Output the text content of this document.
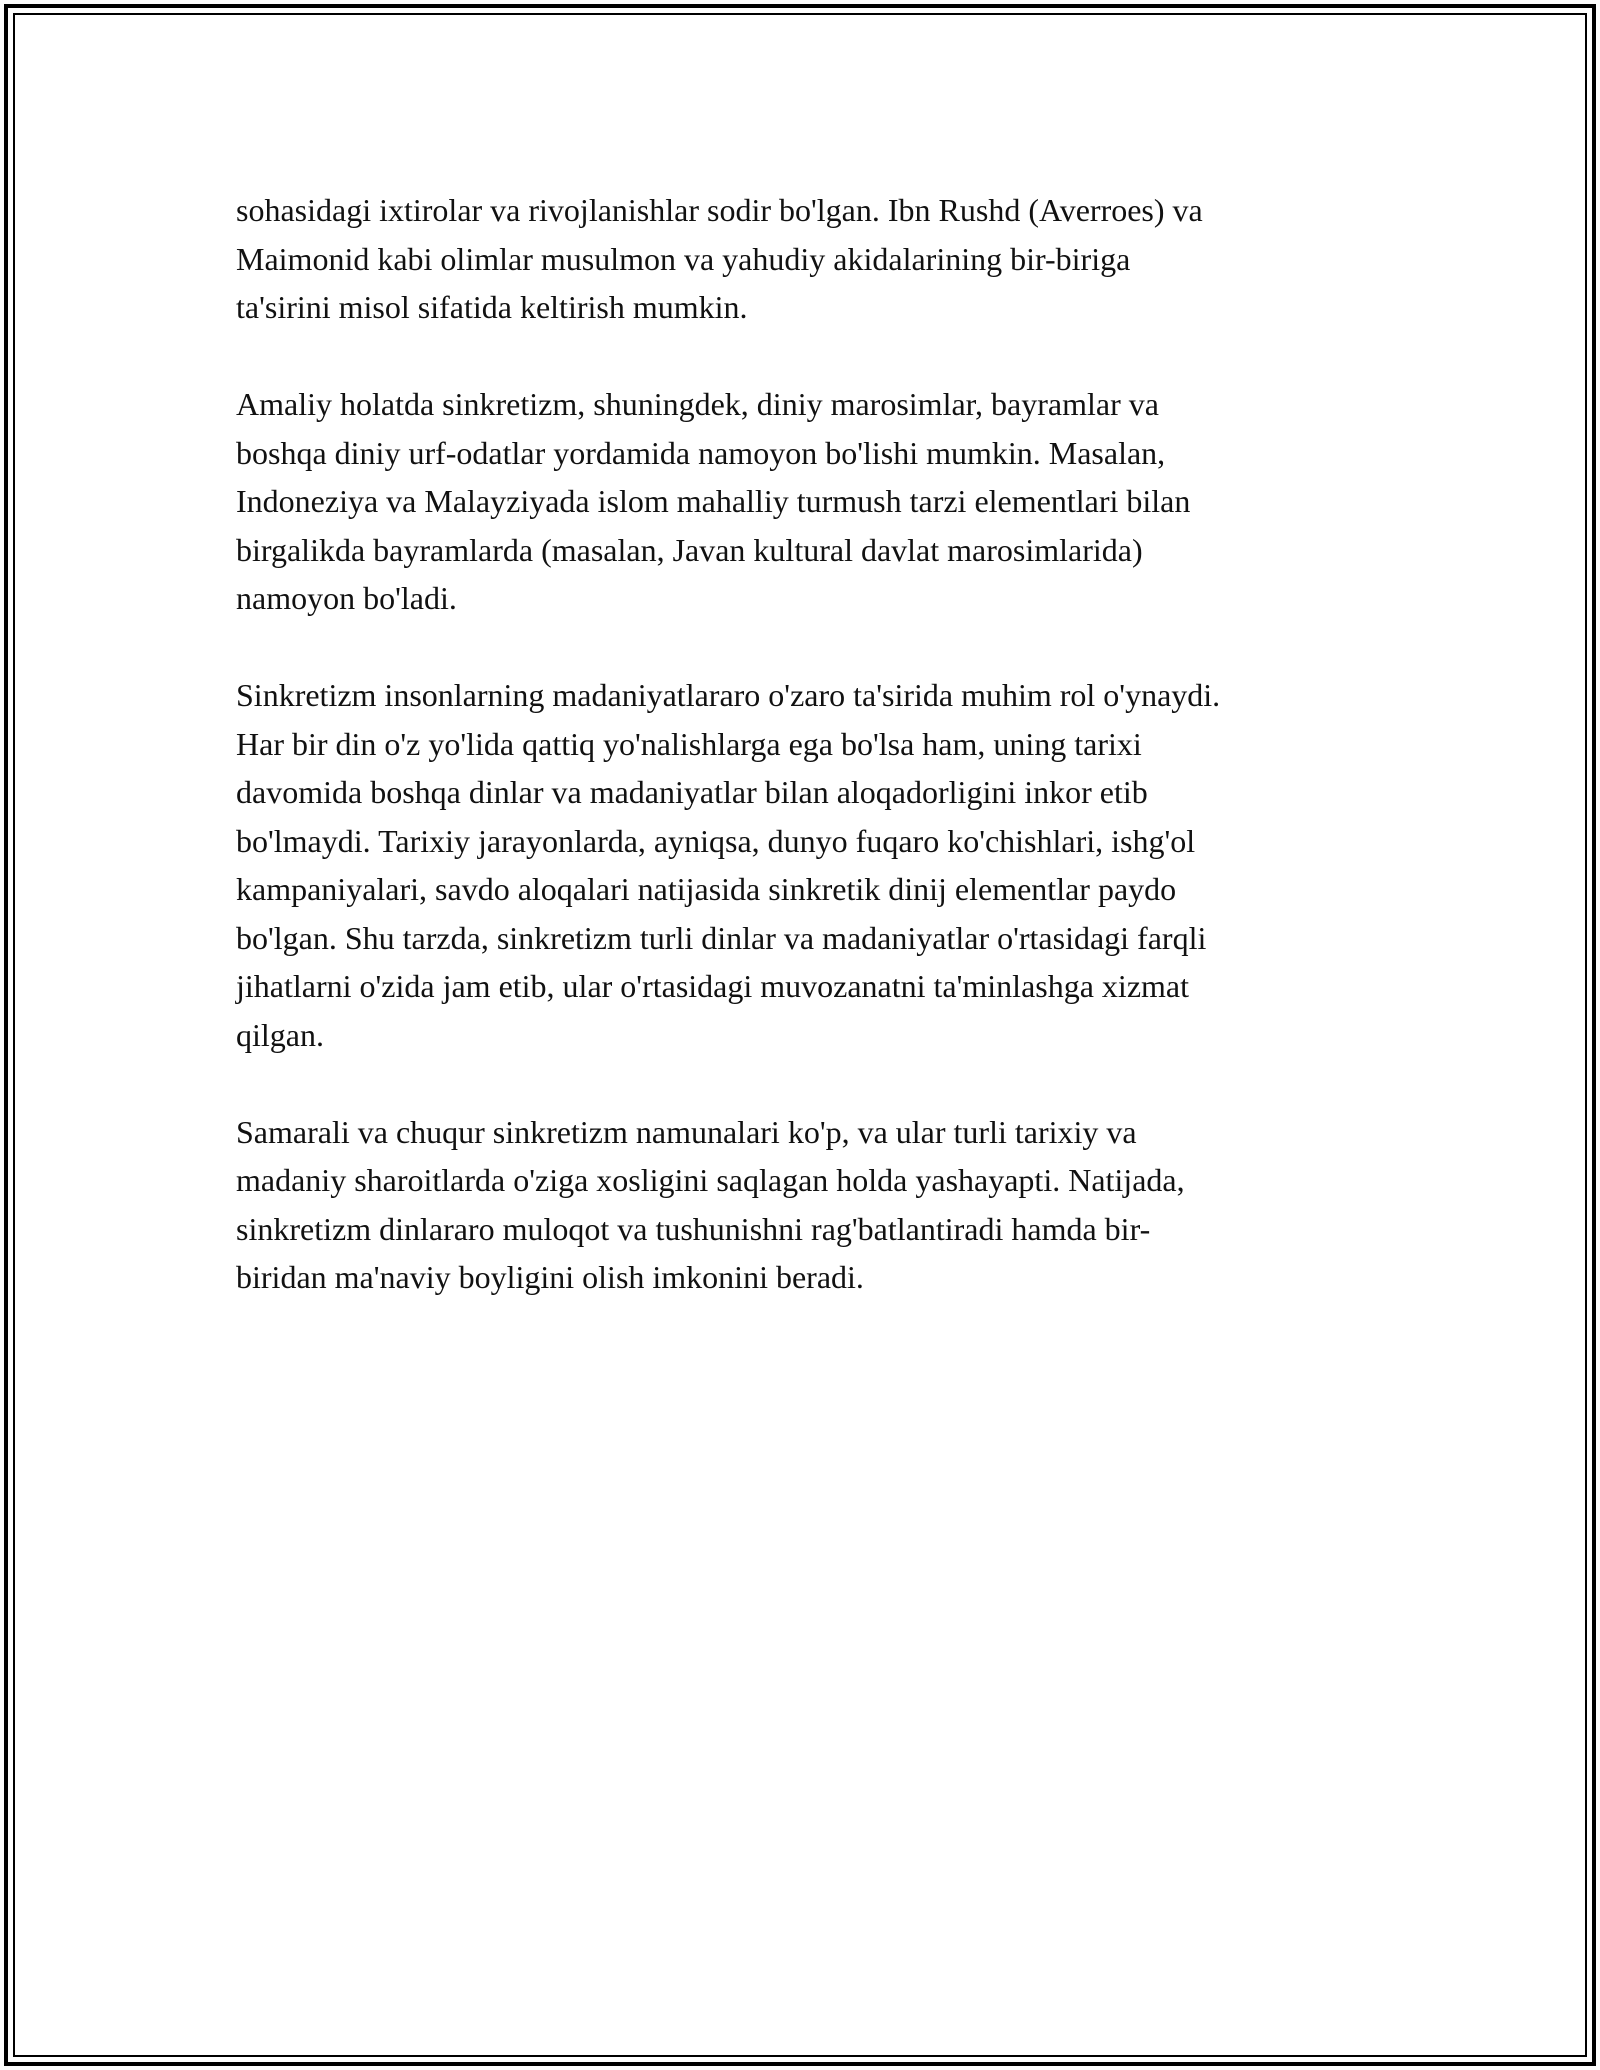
sohasidagi ixtirolar va rivojlanishlar sodir bo'lgan. Ibn Rushd (Averroes) va
Maimonid kabi olimlar musulmon va yahudiy akidalarining bir-biriga
ta'sirini misol sifatida keltirish mumkin.

Amaliy holatda sinkretizm, shuningdek, diniy marosimlar, bayramlar va
boshqa diniy urf-odatlar yordamida namoyon bo'lishi mumkin. Masalan,
Indoneziya va Malayziyada islom mahalliy turmush tarzi elementlari bilan
birgalikda bayramlarda (masalan, Javan kultural davlat marosimlarida)
namoyon bo'ladi.

Sinkretizm insonlarning madaniyatlararo o'zaro ta'sirida muhim rol o'ynaydi.
Har bir din o'z yo'lida qattiq yo'nalishlarga ega bo'lsa ham, uning tarixi
davomida boshqa dinlar va madaniyatlar bilan aloqadorligini inkor etib
bo'lmaydi. Tarixiy jarayonlarda, ayniqsa, dunyo fuqaro ko'chishlari, ishg'ol
kampaniyalari, savdo aloqalari natijasida sinkretik dinij elementlar paydo
bo'lgan. Shu tarzda, sinkretizm turli dinlar va madaniyatlar o'rtasidagi farqli
jihatlarni o'zida jam etib, ular o'rtasidagi muvozanatni ta'minlashga xizmat
qilgan.

Samarali va chuqur sinkretizm namunalari ko'p, va ular turli tarixiy va
madaniy sharoitlarda o'ziga xosligini saqlagan holda yashayapti. Natijada,
sinkretizm dinlararo muloqot va tushunishni rag'batlantiradi hamda bir-
biridan ma'naviy boyligini olish imkonini beradi.
